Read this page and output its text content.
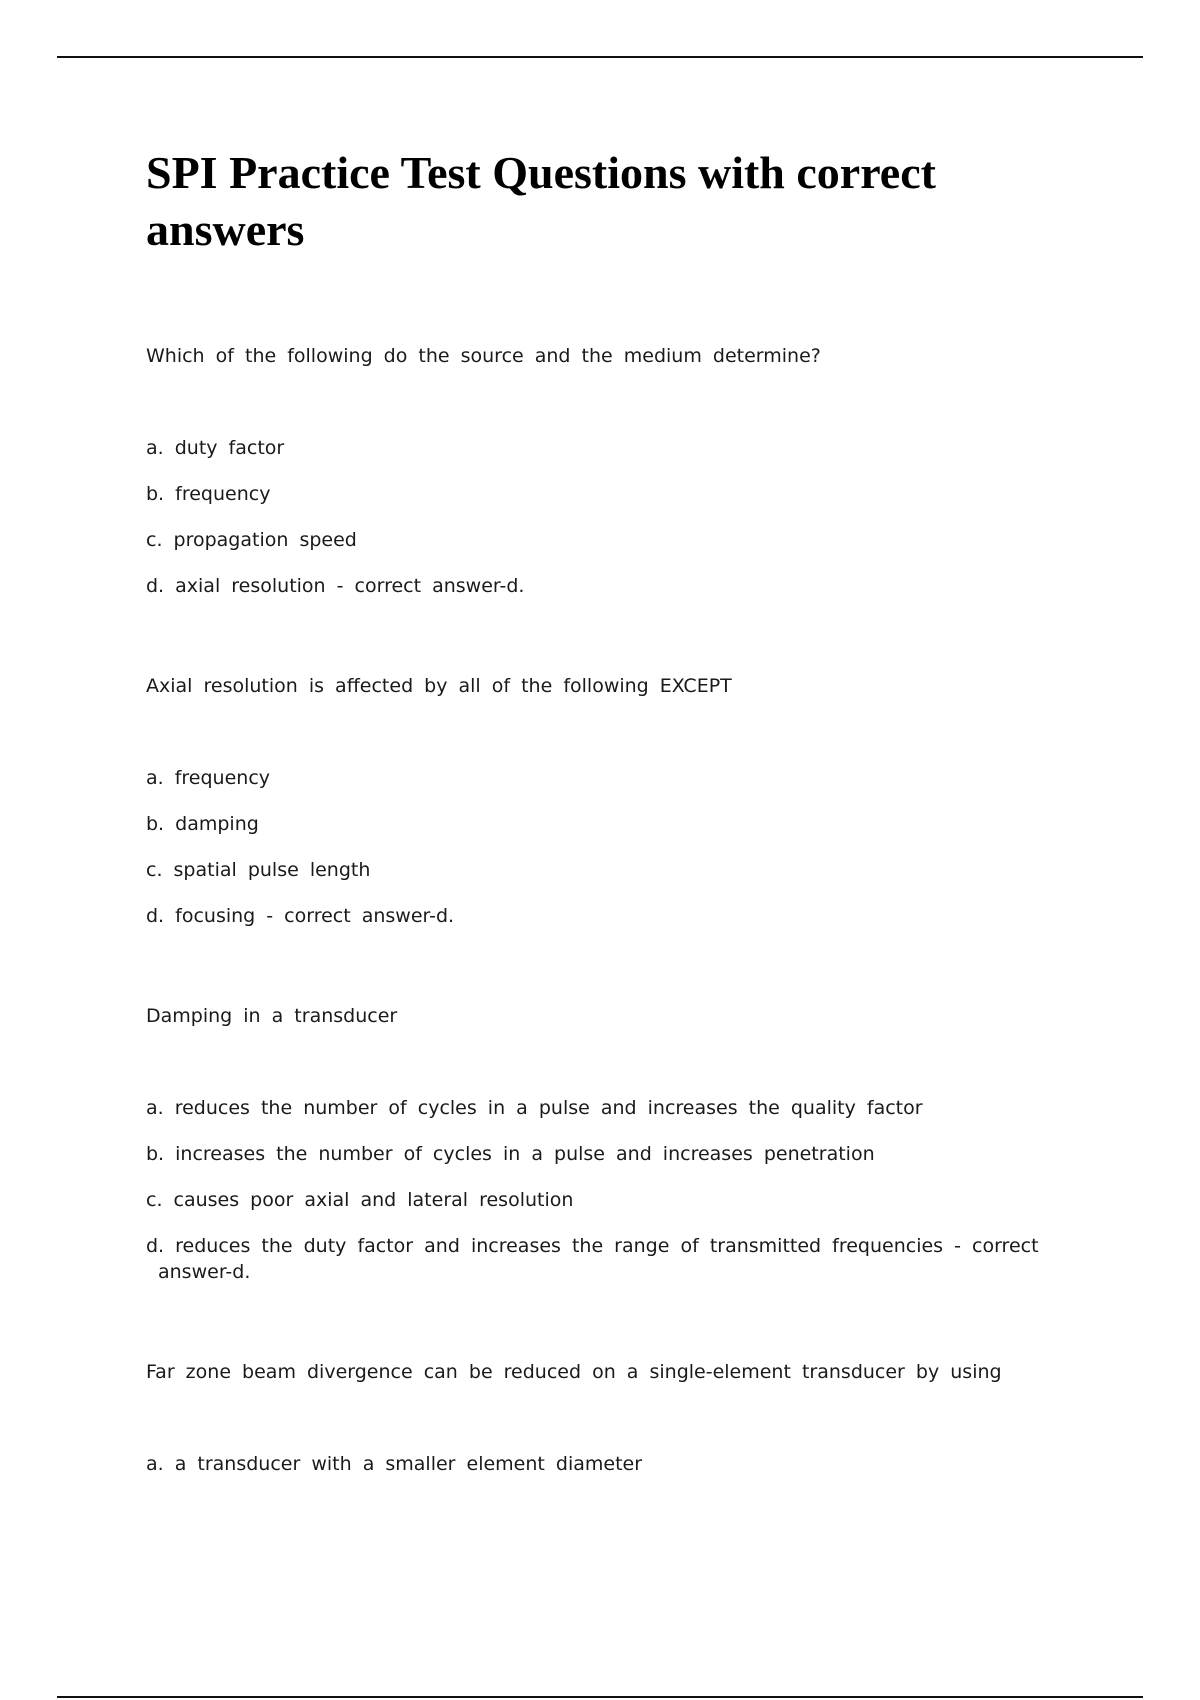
SPI Practice Test Questions with correct
answers

Which of the following do the source and the medium determine?

a. duty factor

b. frequency

c. propagation speed

d. axial resolution - correct answer-d.

Axial resolution is affected by all of the following EXCEPT

a. frequency

b. damping

c. spatial pulse length

d. focusing - correct answer-d.

Damping in a transducer

a. reduces the number of cycles in a pulse and increases the quality factor

b. increases the number of cycles in a pulse and increases penetration

c. causes poor axial and lateral resolution

d. reduces the duty factor and increases the range of transmitted frequencies - correct
answer-d.

Far zone beam divergence can be reduced on a single-element transducer by using

a. a transducer with a smaller element diameter
